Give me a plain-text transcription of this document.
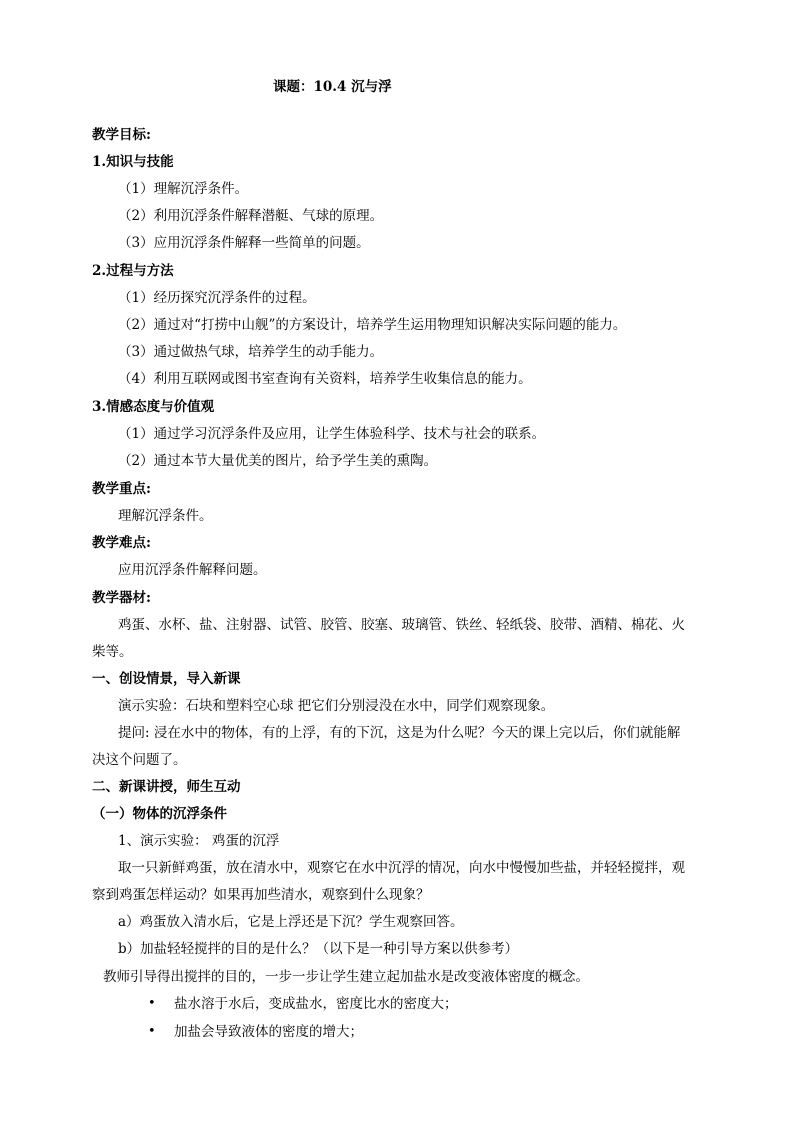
课题：10.4 沉与浮
教学目标:
1.知识与技能
（1）理解沉浮条件。
（2）利用沉浮条件解释潜艇、气球的原理。
（3）应用沉浮条件解释一些简单的问题。
2.过程与方法
（1）经历探究沉浮条件的过程。
（2）通过对“打捞中山舰”的方案设计，培养学生运用物理知识解决实际问题的能力。
（3）通过做热气球，培养学生的动手能力。
（4）利用互联网或图书室查询有关资料，培养学生收集信息的能力。
3.情感态度与价值观
（1）通过学习沉浮条件及应用，让学生体验科学、技术与社会的联系。
（2）通过本节大量优美的图片，给予学生美的熏陶。
教学重点:
理解沉浮条件。
教学难点:
应用沉浮条件解释问题。
教学器材:
鸡蛋、水杯、盐、注射器、试管、胶管、胶塞、玻璃管、铁丝、轻纸袋、胶带、酒精、棉花、火
柴等。
一、创设情景，导入新课
演示实验：石块和塑料空心球 把它们分别浸没在水中，同学们观察现象。
提问: 浸在水中的物体，有的上浮，有的下沉，这是为什么呢？今天的课上完以后，你们就能解
决这个问题了。
二、新课讲授，师生互动
（一）物体的沉浮条件
1、演示实验： 鸡蛋的沉浮
取一只新鲜鸡蛋，放在清水中，观察它在水中沉浮的情况，向水中慢慢加些盐，并轻轻搅拌，观
察到鸡蛋怎样运动？如果再加些清水，观察到什么现象？
a）鸡蛋放入清水后，它是上浮还是下沉？学生观察回答。
b）加盐轻轻搅拌的目的是什么？（以下是一种引导方案以供参考）
教师引导得出搅拌的目的，一步一步让学生建立起加盐水是改变液体密度的概念。
• 盐水溶于水后，变成盐水，密度比水的密度大；
• 加盐会导致液体的密度的增大；
